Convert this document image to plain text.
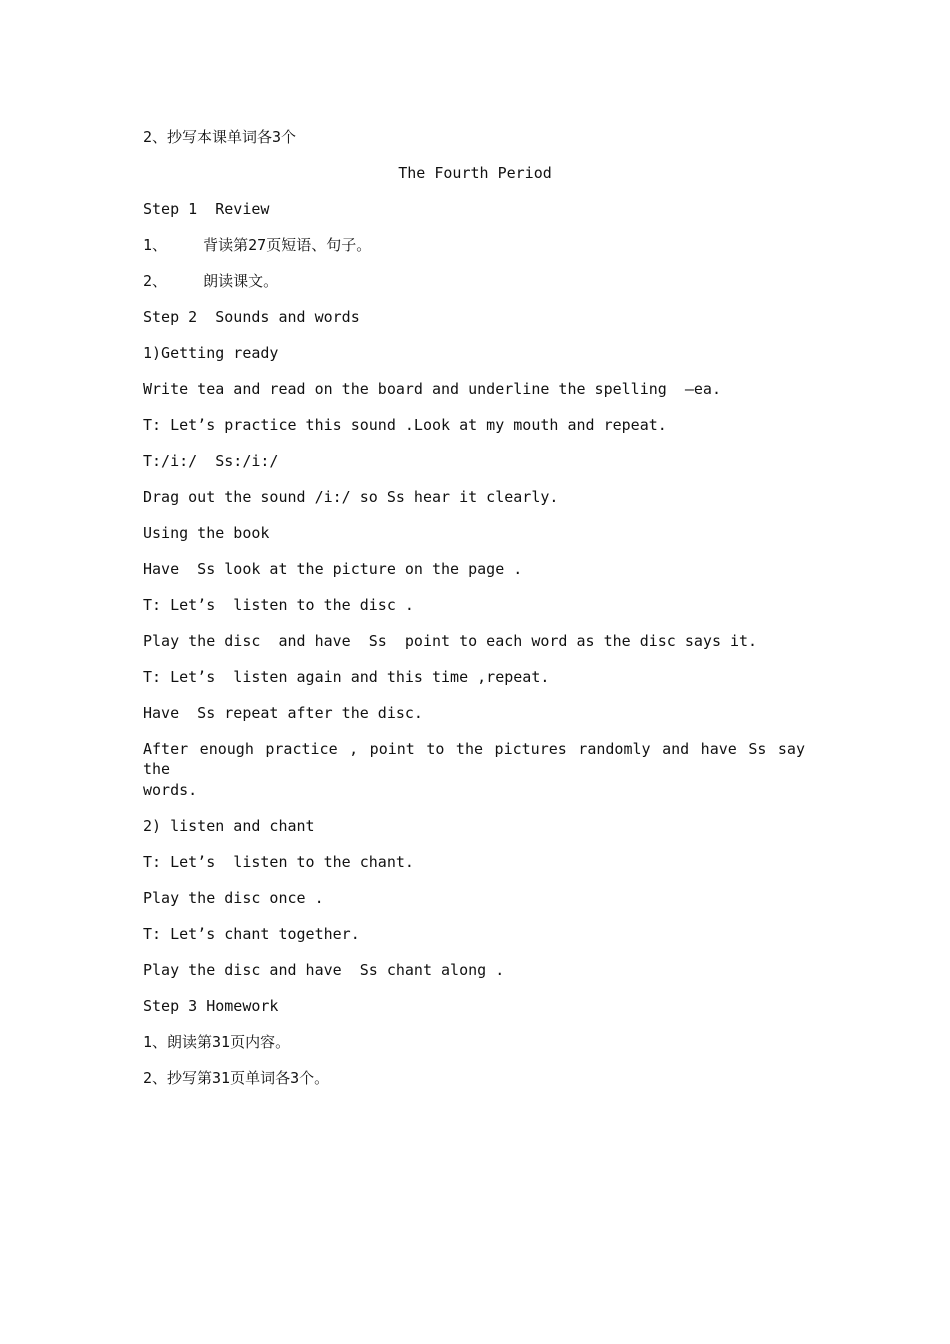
2、抄写本课单词各3个
The Fourth Period
Step 1  Review
1、    背读第27页短语、句子。
2、    朗读课文。
Step 2  Sounds and words
1)Getting ready
Write tea and read on the board and underline the spelling  –ea.
T: Let’s practice this sound .Look at my mouth and repeat.
T:/i:/  Ss:/i:/
Drag out the sound /i:/ so Ss hear it clearly.
Using the book
Have  Ss look at the picture on the page .
T: Let’s  listen to the disc .
Play the disc  and have  Ss  point to each word as the disc says it.
T: Let’s  listen again and this time ,repeat.
Have  Ss repeat after the disc.
After enough practice , point to the pictures randomly and have Ss say the
words.
2) listen and chant
T: Let’s  listen to the chant.
Play the disc once .
T: Let’s chant together.
Play the disc and have  Ss chant along .
Step 3 Homework
1、朗读第31页内容。
2、抄写第31页单词各3个。
